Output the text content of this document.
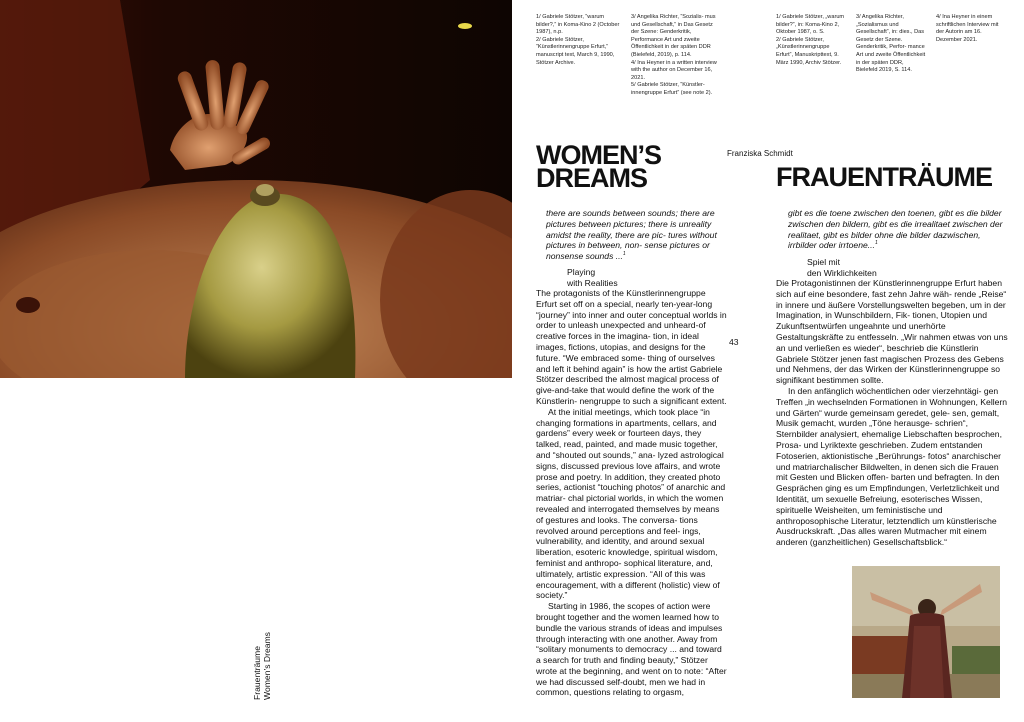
1/ Gabriele Stötzer, “warum bilder?,” in Koma-Kino 2 (October 1987), n.p.

2/ Gabriele Stötzer, “Künstlerinnengruppe Erfurt,” manuscript text, March 9, 1990, Stötzer Archive.

3/ Angelika Richter, “Sozialis- mus und Gesellschaft,” in Das Gesetz der Szene: Genderkritik, Performance Art und zweite Öffentlichkeit in der späten DDR (Bielefeld, 2019), p. 114.

4/ Ina Heyner in a written interview with the author on December 16, 2021.

5/ Gabriele Stötzer, “Künstler- innengruppe Erfurt” (see note 2).

1/ Gabriele Stötzer, „warum bilder?“, in: Koma-Kino 2, Oktober 1987, o. S.

2/ Gabriele Stötzer, „Künstlerinnengruppe Erfurt“, Manuskripttext, 9. März 1990, Archiv Stötzer.

3/ Angelika Richter, „Sozialismus und Gesellschaft“, in: dies., Das Gesetz der Szene. Genderkritik, Perfor- mance Art und zweite Öffentlichkeit in der späten DDR, Bielefeld 2019, S. 114.

4/ Ina Heyner in einem schriftlichen Interview mit der Autorin am 16. Dezember 2021.

WOMEN’S
DREAMS
Franziska Schmidt
FRAUENTRÄUME
there are sounds between sounds; there are pictures between pictures; there is unreality amidst the reality, there are pic- tures without pictures in between, non- sense pictures or nonsense sounds ...$^1$
gibt es die toene zwischen den toenen, gibt es die bilder zwischen den bildern, gibt es die irrealitaet zwischen der realitaet, gibt es bilder ohne die bilder dazwischen, irrbilder oder irrtoene...$^1$
Playing
with Realities
Spiel mit
den Wirklichkeiten

The protagonists of the Künstlerinnengruppe Erfurt set off on a special, nearly ten-year-long “journey” into inner and outer conceptual worlds in order to unleash unexpected and unheard-of creative forces in the imagina- tion, in ideal images, fictions, utopias, and designs for the future. “We embraced some- thing of ourselves and left it behind again” is how the artist Gabriele Stötzer described the almost magical process of give-and-take that would define the work of the Künstlerin- nengruppe to such a significant extent.

At the initial meetings, which took place “in changing formations in apartments, cellars, and gardens” every week or fourteen days, they talked, read, painted, and made music together, and “shouted out sounds,” ana- lyzed astrological signs, discussed previous love affairs, and wrote prose and poetry. In addition, they created photo series, actionist “touching photos” of anarchic and matriar- chal pictorial worlds, in which the women revealed and interrogated themselves by means of gestures and looks. The conversa- tions revolved around perceptions and feel- ings, vulnerability, and identity, and around sexual liberation, esoteric knowledge, spiritual wisdom, feminist and anthropo- sophical literature, and, ultimately, artistic expression. “All of this was encouragement, with a different (holistic) view of society.”

Starting in 1986, the scopes of action were brought together and the women learned how to bundle the various strands of ideas and impulses through interacting with one another. Away from “solitary monuments to democracy ... and toward a search for truth and finding beauty,” Stötzer wrote at the beginning, and went on to note: “After we had discussed self-doubt, men we had in common, questions relating to orgasm,

Die Protagonistinnen der Künstlerinnengruppe Erfurt haben sich auf eine besondere, fast zehn Jahre wäh- rende „Reise“ in innere und äußere Vorstellungswelten begeben, um in der Imagination, in Wunschbildern, Fik- tionen, Utopien und Zukunftsentwürfen ungeahnte und unerhörte Gestaltungskräfte zu entfesseln. „Wir nahmen etwas von uns an und verließen es wieder“, beschrieb die Künstlerin Gabriele Stötzer jenen fast magischen Prozess des Gebens und Nehmens, der das Wirken der Künstlerinnengruppe so signifikant bestimmen sollte.

In den anfänglich wöchentlichen oder vierzehntägi- gen Treffen „in wechselnden Formationen in Wohnungen, Kellern und Gärten“ wurde gemeinsam geredet, gele- sen, gemalt, Musik gemacht, wurden „Töne herausge- schrien“, Sternbilder analysiert, ehemalige Liebschaften besprochen, Prosa- und Lyriktexte geschrieben. Zudem entstanden Fotoserien, aktionistische „Berührungs- fotos“ anarchischer und matriarchalischer Bildwelten, in denen sich die Frauen mit Gesten und Blicken offen- barten und befragten. In den Gesprächen ging es um Empfindungen, Verletzlichkeit und Identität, um sexuelle Befreiung, esoterisches Wissen, spirituelle Weisheiten, um feministische und anthroposophische Literatur, letztendlich um künstlerische Ausdruckskraft. „Das alles waren Mutmacher mit einem anderen (ganzheitlichen) Gesellschaftsblick.“

43

Frauenträume Women’s Dreams
